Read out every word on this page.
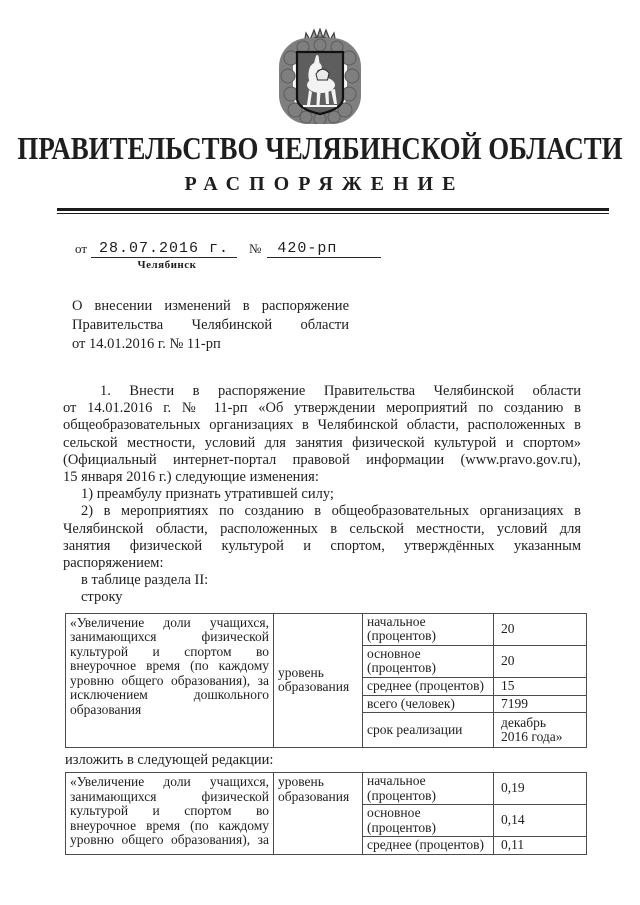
ПРАВИТЕЛЬСТВО ЧЕЛЯБИНСКОЙ ОБЛАСТИ
РАСПОРЯЖЕНИЕ
от 28.07.2016 г.	№	420-рп
Челябинск
О внесении изменений в распоряжение
Правительства Челябинской области
от 14.01.2016 г. № 11-рп
1. Внести в распоряжение Правительства Челябинской области
от 14.01.2016 г. № 11-рп «Об утверждении мероприятий по созданию в
общеобразовательных организациях в Челябинской области, расположенных в
сельской местности, условий для занятия физической культурой и спортом»
(Официальный интернет-портал правовой информации (www.pravo.gov.ru),
15 января 2016 г.) следующие изменения:
1) преамбулу признать утратившей силу;
2) в мероприятиях по созданию в общеобразовательных организациях в
Челябинской области, расположенных в сельской местности, условий для
занятия физической культурой и спортом, утверждённых указанным
распоряжением:
в таблице раздела II:
строку
«Увеличение доли учащихся,
занимающихся физической
культурой и спортом во
внеурочное время (по каждому
уровню общего образования), за
исключением дошкольного
образования

уровень
образования

начальное
(процентов)	20

		основное
(процентов)	20

		среднее (процентов)	15

		всего (человек)	7199

		срок реализации	декабрь
2016 года»
изложить в следующей редакции:
«Увеличение доли учащихся,
занимающихся физической
культурой и спортом во
внеурочное время (по каждому
уровню общего образования), за

уровень
образования

начальное
(процентов)	0,19

		основное
(процентов)	0,14

		среднее (процентов)	0,11
